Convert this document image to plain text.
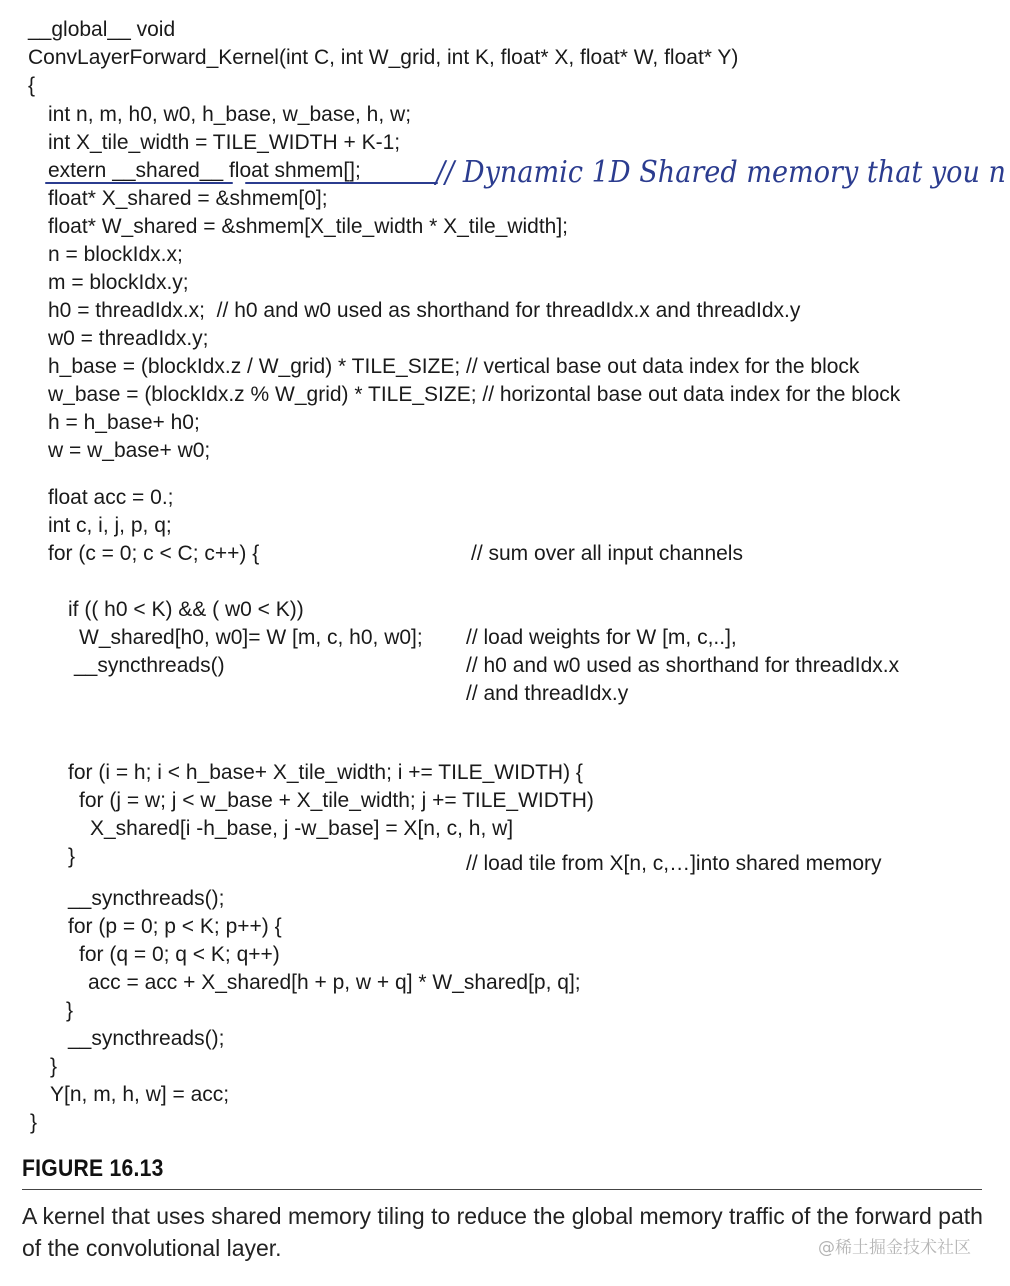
__global__ void
ConvLayerForward_Kernel(int C, int W_grid, int K, float* X, float* W, float* Y)
{
int n, m, h0, w0, h_base, w_base, h, w;
int X_tile_width = TILE_WIDTH + K-1;
extern __shared__ float shmem[];
float* X_shared = &shmem[0];
float* W_shared = &shmem[X_tile_width * X_tile_width];
n = blockIdx.x;
m = blockIdx.y;
h0 = threadIdx.x;  // h0 and w0 used as shorthand for threadIdx.x and threadIdx.y
w0 = threadIdx.y;
h_base = (blockIdx.z / W_grid) * TILE_SIZE; // vertical base out data index for the block
w_base = (blockIdx.z % W_grid) * TILE_SIZE; // horizontal base out data index for the block
h = h_base+ h0;
w = w_base+ w0;
float acc = 0.;
int c, i, j, p, q;
for (c = 0; c < C; c++) {	// sum over all input channels
if (( h0 < K) && ( w0 < K))
W_shared[h0, w0]= W [m, c, h0, w0]; // load weights for W [m, c,..],
__syncthreads()	// h0 and w0 used as shorthand for threadIdx.x
// and threadIdx.y
for (i = h; i < h_base+ X_tile_width; i += TILE_WIDTH) {
for (j = w; j < w_base + X_tile_width; j += TILE_WIDTH)
X_shared[i -h_base, j -w_base] = X[n, c, h, w]
}	// load tile from X[n, c,…]into shared memory
__syncthreads();
for (p = 0; p < K; p++) {
for (q = 0; q < K; q++)
acc = acc + X_shared[h + p, w + q] * W_shared[p, q];
}
__syncthreads();
}
Y[n, m, h, w] = acc;
}
// Dynamic 1D Shared memory that you n
FIGURE 16.13
A kernel that uses shared memory tiling to reduce the global memory traffic of the forward path of the convolutional layer.	@稀土掘金技术社区
